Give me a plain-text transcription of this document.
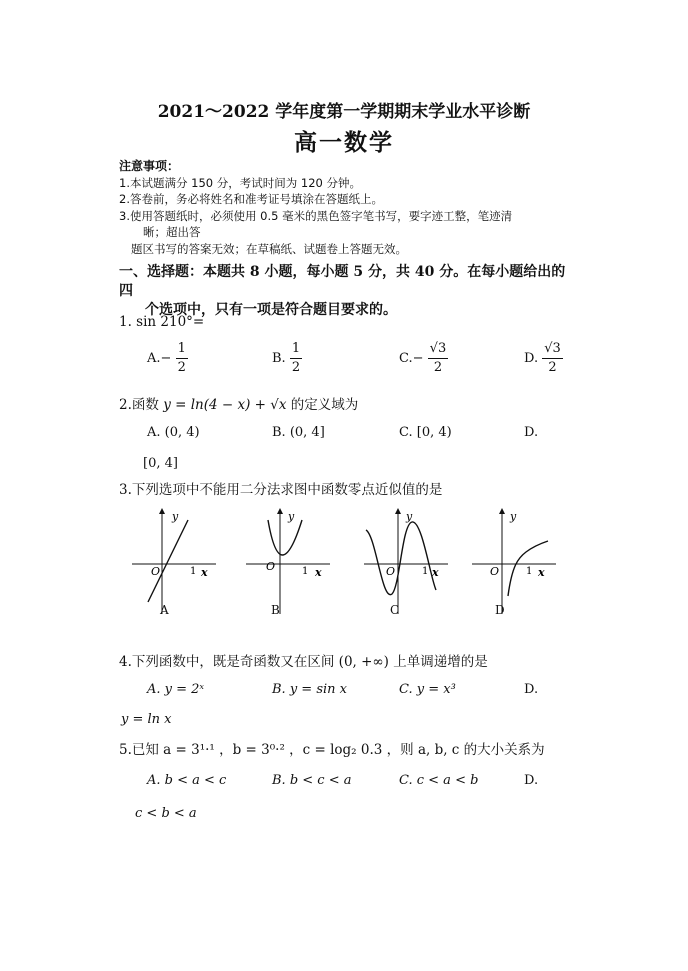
2021～2022 学年度第一学期期末学业水平诊断
高一数学
注意事项：
1.本试题满分 150 分，考试时间为 120 分钟。
2.答卷前，务必将姓名和准考证号填涂在答题纸上。
3.使用答题纸时，必须使用 0.5 毫米的黑色签字笔书写，要字迹工整，笔迹清
晰；超出答
题区书写的答案无效；在草稿纸、试题卷上答题无效。
一、选择题：本题共 8 小题，每小题 5 分，共 40 分。在每小题给出的四
个选项中，只有一项是符合题目要求的。
1. sin 210°=
$A.- \frac{1}{2}$	B. $\frac{1}{2}$	$C.- \frac{√3}{2}$	D. $\frac{√3}{2}$
2.函数 y = ln(4 − x) + √x 的定义域为
A. (0, 4)	B. (0, 4]	C. [0, 4)	D.
[0, 4]
3.下列选项中不能用二分法求图中函数零点近似值的是
y
O	1 x
A
y
O	1 x
B
y
O	1 x
C
y
O	1 x
D
4.下列函数中，既是奇函数又在区间 (0, +∞) 上单调递增的是
A. y = 2ˣ	B. y = sin x	C. y = x³	D.
y = ln x
5.已知 a = 3¹·¹ ，b = 3⁰·² ，c = log₂ 0.3 ，则 a, b, c 的大小关系为
A. b < a < c	B. b < c < a	C. c < a < b	D.
c < b < a
